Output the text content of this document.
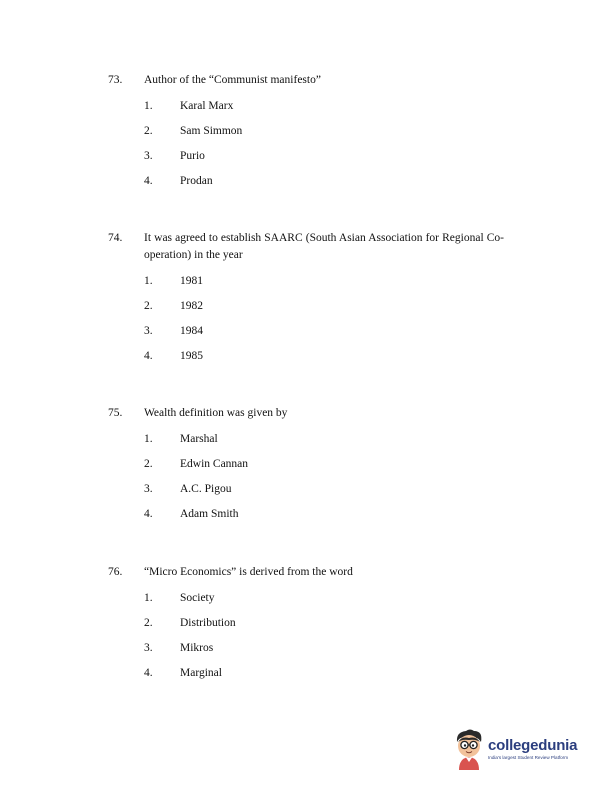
73.	Author of the “Communist manifesto”
1.	Karal Marx
2.	Sam Simmon
3.	Purio
4.	Prodan
74.	It was agreed to establish SAARC (South Asian Association for Regional Co-operation) in the year
1.	1981
2.	1982
3.	1984
4.	1985
75.	Wealth definition was given by
1.	Marshal
2.	Edwin Cannan
3.	A.C. Pigou
4.	Adam Smith
76.	“Micro Economics” is derived from the word
1.	Society
2.	Distribution
3.	Mikros
4.	Marginal
collegedunia
India's largest Student Review Platform
